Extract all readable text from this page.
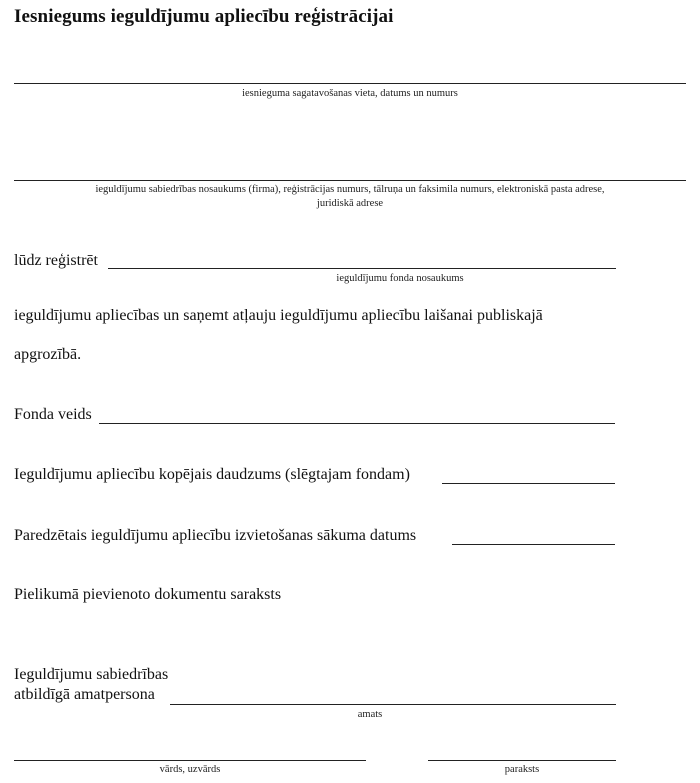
Iesniegums ieguldījumu apliecību reģistrācijai
iesnieguma sagatavošanas vieta, datums un numurs
ieguldījumu sabiedrības nosaukums (firma), reģistrācijas numurs, tālruņa un faksimila numurs, elektroniskā pasta adrese,
juridiskā adrese
lūdz reģistrēt
ieguldījumu fonda nosaukums
ieguldījumu apliecības un saņemt atļauju ieguldījumu apliecību laišanai publiskajā
apgrozībā.
Fonda veids
Ieguldījumu apliecību kopējais daudzums (slēgtajam fondam)
Paredzētais ieguldījumu apliecību izvietošanas sākuma datums
Pielikumā pievienoto dokumentu saraksts
Ieguldījumu sabiedrības
atbildīgā amatpersona
amats
vārds, uzvārds	paraksts
